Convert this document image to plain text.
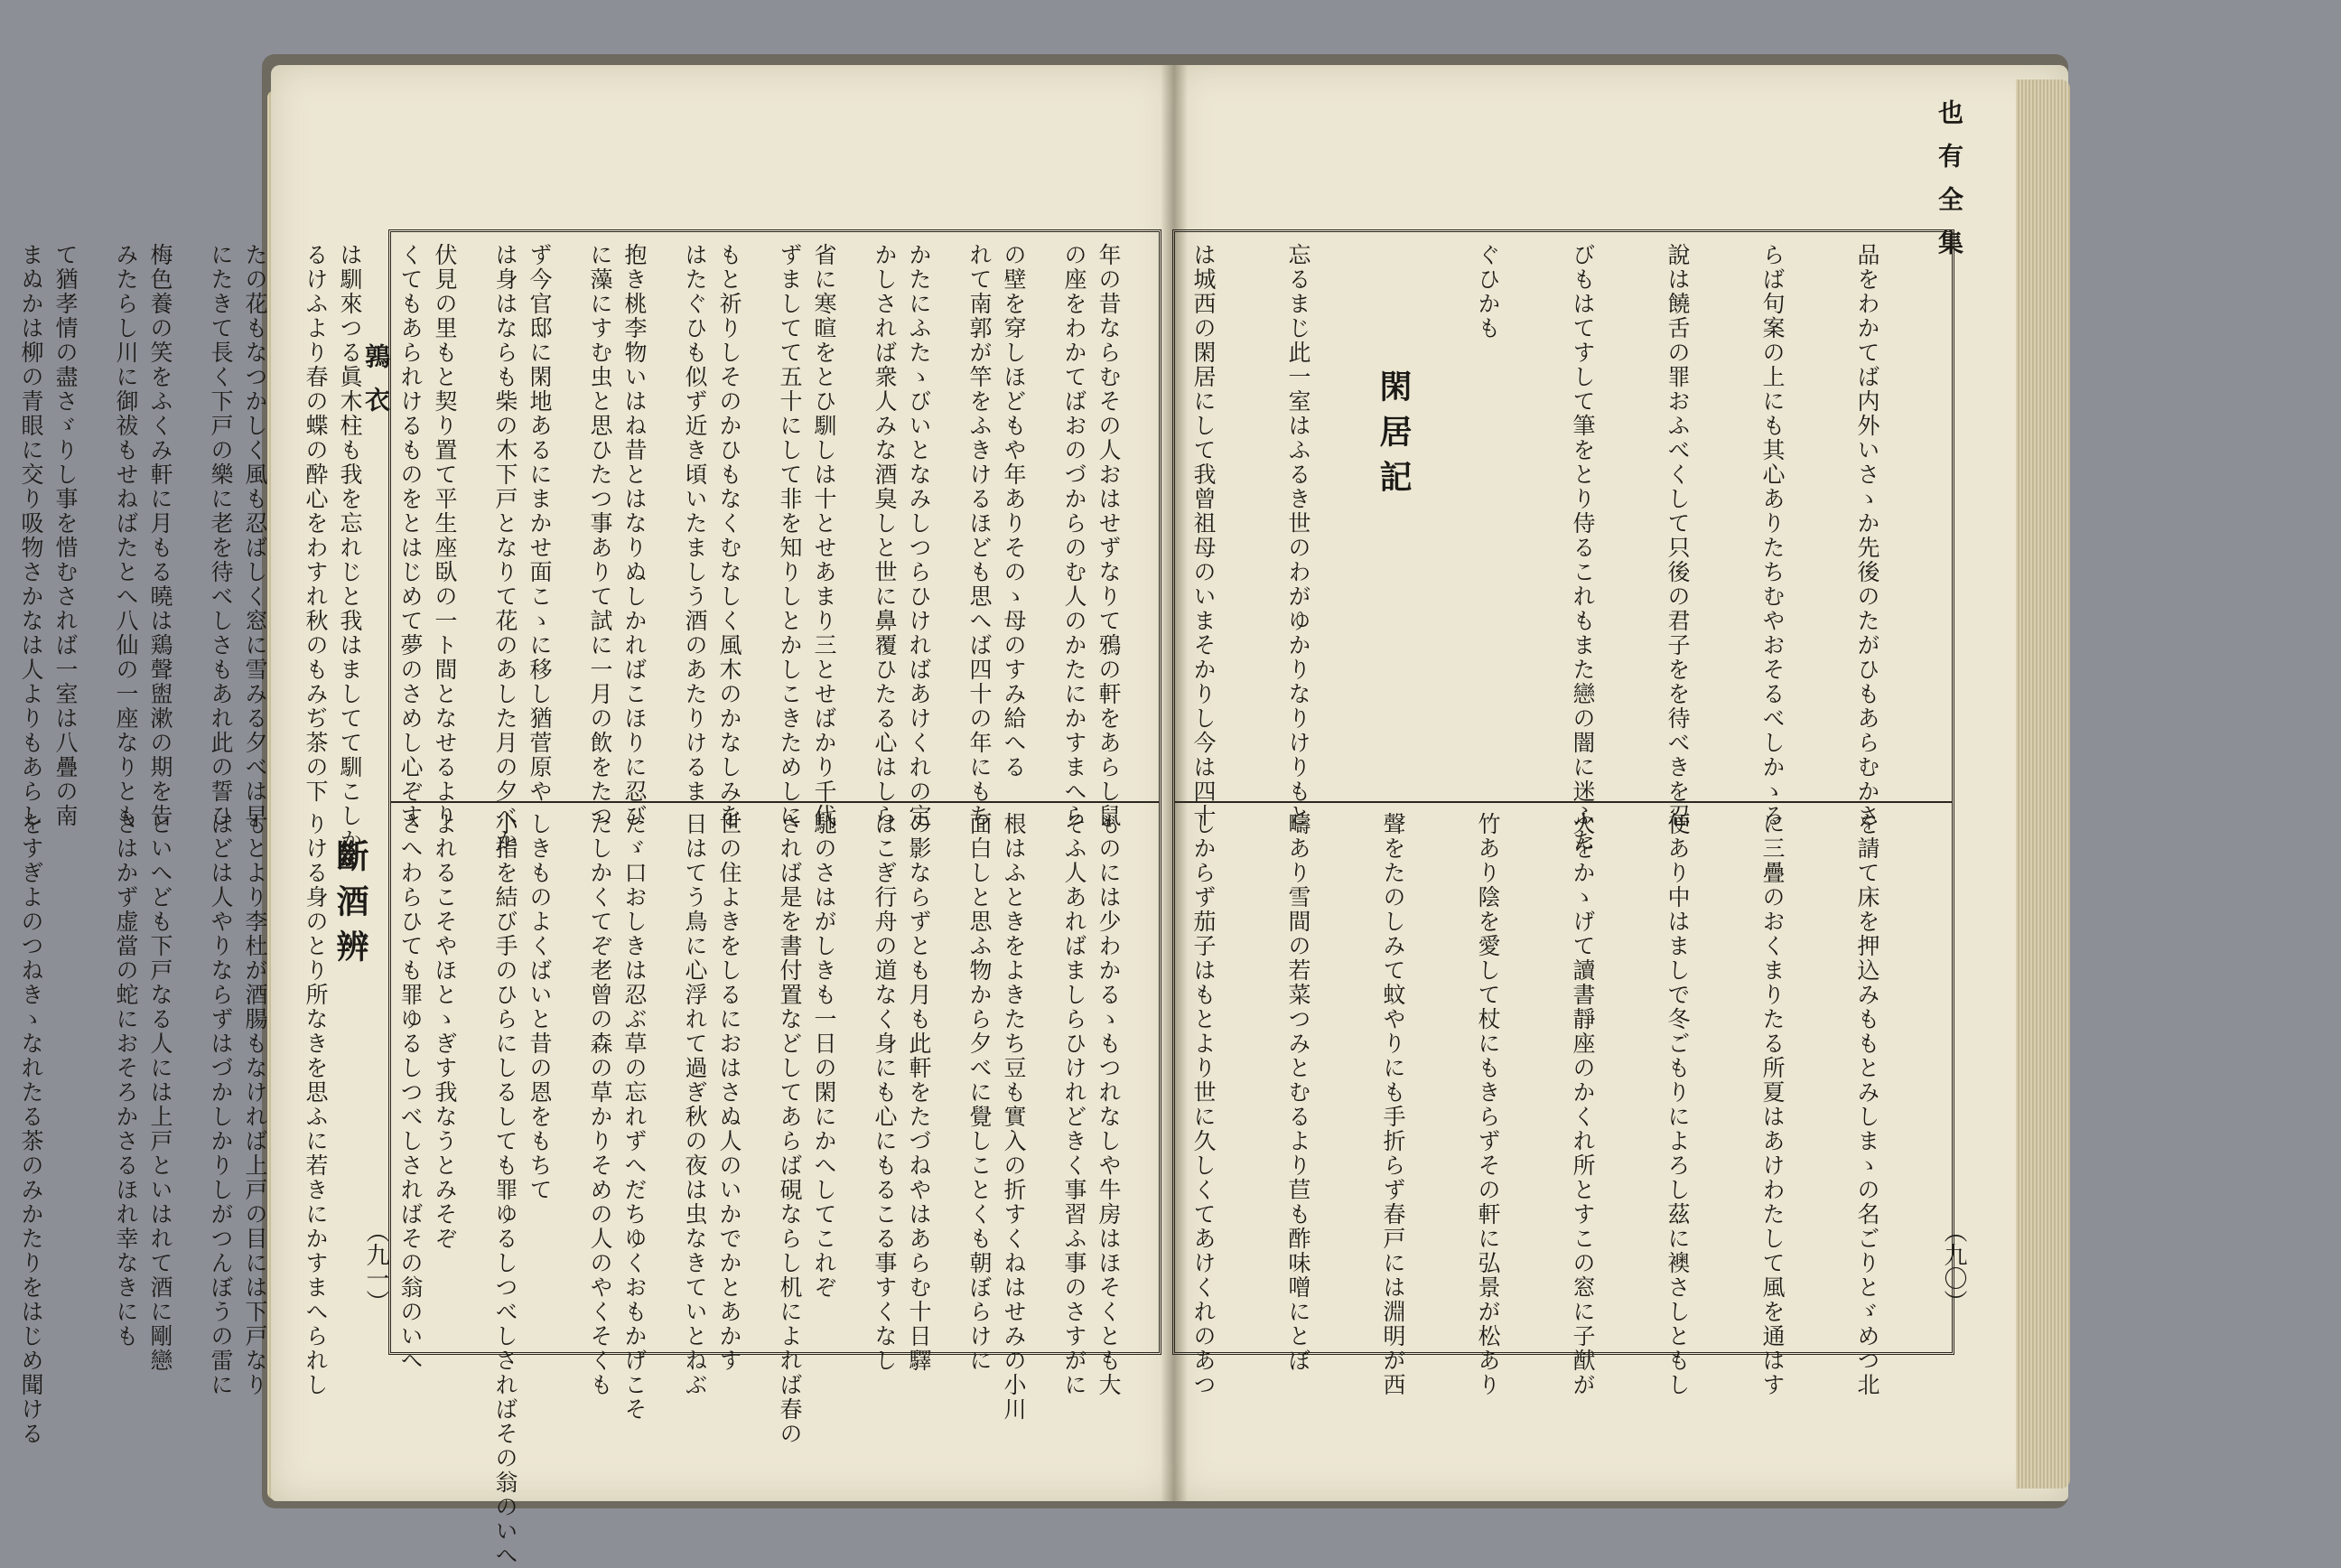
鶉衣
（九一）
也有全集
（九〇）

の座をわかてばおのづからのむ人のかたにかすまへら

れて南郭が竿をふきけるほども思へば四十の年にもち

かしされば衆人みな酒臭しと世に鼻覆ひたる心はしら

ずましてて五十にして非を知りしとかしこきためしに

はたぐひも似ず近き頃いたましう酒のあたりけるま

に藻にすむ虫と思ひたつ事ありて試に一月の飲をたつ

は身はならも柴の木下戸となりて花のあした月の夕べか

くてもあられけるものをとはじめて夢のさめし心ぞす

るけふより春の蝶の酔心をわすれ秋のもみぢ茶の下

にたきて長く下戸の樂に老を待べしさもあれ此の誓ひ

みたらし川に御祓もせねばたとへ八仙の一座なりとも

まぬかは柳の青眼に交り吸物さかなは人よりもあらし

そふ人あればましらひけれどきく事習ふ事のさすがに

面白しと思ふ物から夕べに覺しことくも朝ぼらけに

はこぎ行舟の道なく身にも心にもるこる事すくなし

されば是を書付置などしてあらば硯ならし机によれば春の

日はてう鳥に心浮れて過ぎ秋の夜は虫なきていとねぶ

たしかくてぞ老曾の森の草かりそめの人のやくそくも

小指を結び手のひらにしるしても罪ゆるしつべしさればその翁のいへ

さへわらひても罪ゆるしつべしさればその翁のいへ

りける身のとり所なきを思ふに若きにかすまへられし

ほどは人やりならずはづかしかりしがつんぼうの雷に

さはかず虚當の蛇におそろかさるほれ幸なきにも

をすぎよのつねきゝなれたる茶のみかたりをはじめ聞ける

品をわかてば内外いさゝか先後のたがひもあらむかさ

らば句案の上にも其心ありたちむやおそるべしかゝる

說は饒舌の罪おふべくして只後の君子をを待べきを忍

びもはてすして筆をとり侍るこれもまた戀の闇に迷ふた

ぐひかも

閑居記

忘るまじ此一室はふるき世のわがゆかりなりけりもと

は城西の閑居にして我曾祖母のいまそかりし今は四十

年の昔ならむその人おはせずなりて鴉の軒をあらし鼠

の壁を穿しほどもや年ありそのゝ母のすみ給へる

かたにふたゝびいとなみしつらひければあけくれの定

省に寒暄をとひ馴しは十とせあまり三とせばかり千代

もと祈りしそのかひもなくむなしく風木のかなしみを

抱き桃李物いはね昔とはなりぬしかればこほりに忍び

ず今官邸に閑地あるにまかせ面こゝに移し猶菅原や

伏見の里もと契り置て平生座臥の一ト間となせるより

は馴來つる眞木柱も我を忘れじと我はましてて馴こしか

たの花もなつかしく風も忍ばしく窓に雪みる夕べは早

梅色養の笑をふくみ軒に月もる曉は鶏聲盥漱の期を告

て猶孝情の盡さゞりし事を惜むされば一室は八疊の南

を請て床を押込みももとみしまゝの名ごりとゞめつ北

に三疊のおくまりたる所夏はあけわたして風を通はす

便あり中はましで冬ごもりによろし茲に襖さしともし

火をかゝげて讀書靜座のかくれ所とすこの窓に子猷が

竹あり陰を愛して杖にもきらずその軒に弘景が松あり

聲をたのしみて蚊やりにも手折らず春戸には淵明が西

疇あり雪間の若菜つみとむるより苣も酢味噌にとぼ

しからず茄子はもとより世に久しくてあけくれのあつ

ものには少わかるゝもつれなしや牛房はほそくとも大

根はふときをよきたち豆も實入の折すくねはせみの小川

の影ならずとも月も此軒をたづねやはあらむ十日驛

馳のさはがしきも一日の閑にかへしてこれぞ

世の住よきをしるにおはさぬ人のいかでかとあかす

たゞ口おしきは忍ぶ草の忘れずへだちゆくおもかげこそ

しきものよくばいと昔の恩をもちて

よれるこそやほとゝぎす我なうとみそぞ

斷酒辨

もとより李杜が酒腸もなければ上戸の目には下戸なり

といへども下戸なる人には上戸といはれて酒に剛戀
